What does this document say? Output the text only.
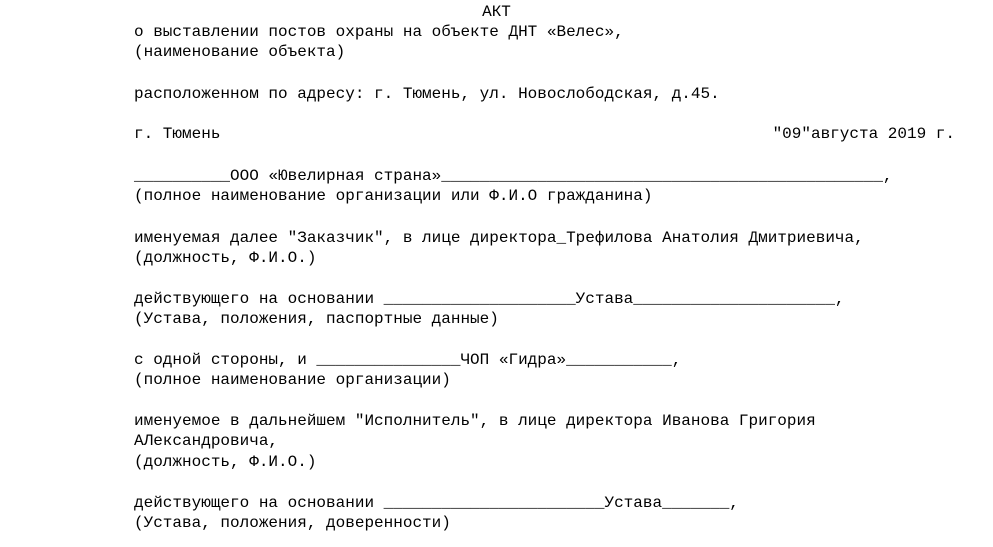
АКТ
о выставлении постов охраны на объекте ДНТ «Велес»,
(наименование объекта)
расположенном по адресу: г. Тюмень, ул. Новослободская, д.45.
г. Тюмень	"09"августа 2019 г.
__________ООО «Ювелирная страна»______________________________________________,
(полное наименование организации или Ф.И.О гражданина)
именуемая далее "Заказчик", в лице директора_Трефилова Анатолия Дмитриевича,
(должность, Ф.И.О.)
действующего на основании ____________________Устава_____________________,
(Устава, положения, паспортные данные)
с одной стороны, и _______________ЧОП «Гидра»___________,
(полное наименование организации)
именуемое в дальнейшем "Исполнитель", в лице директора Иванова Григория
АЛександровича,
(должность, Ф.И.О.)
действующего на основании _______________________Устава_______,
(Устава, положения, доверенности)
